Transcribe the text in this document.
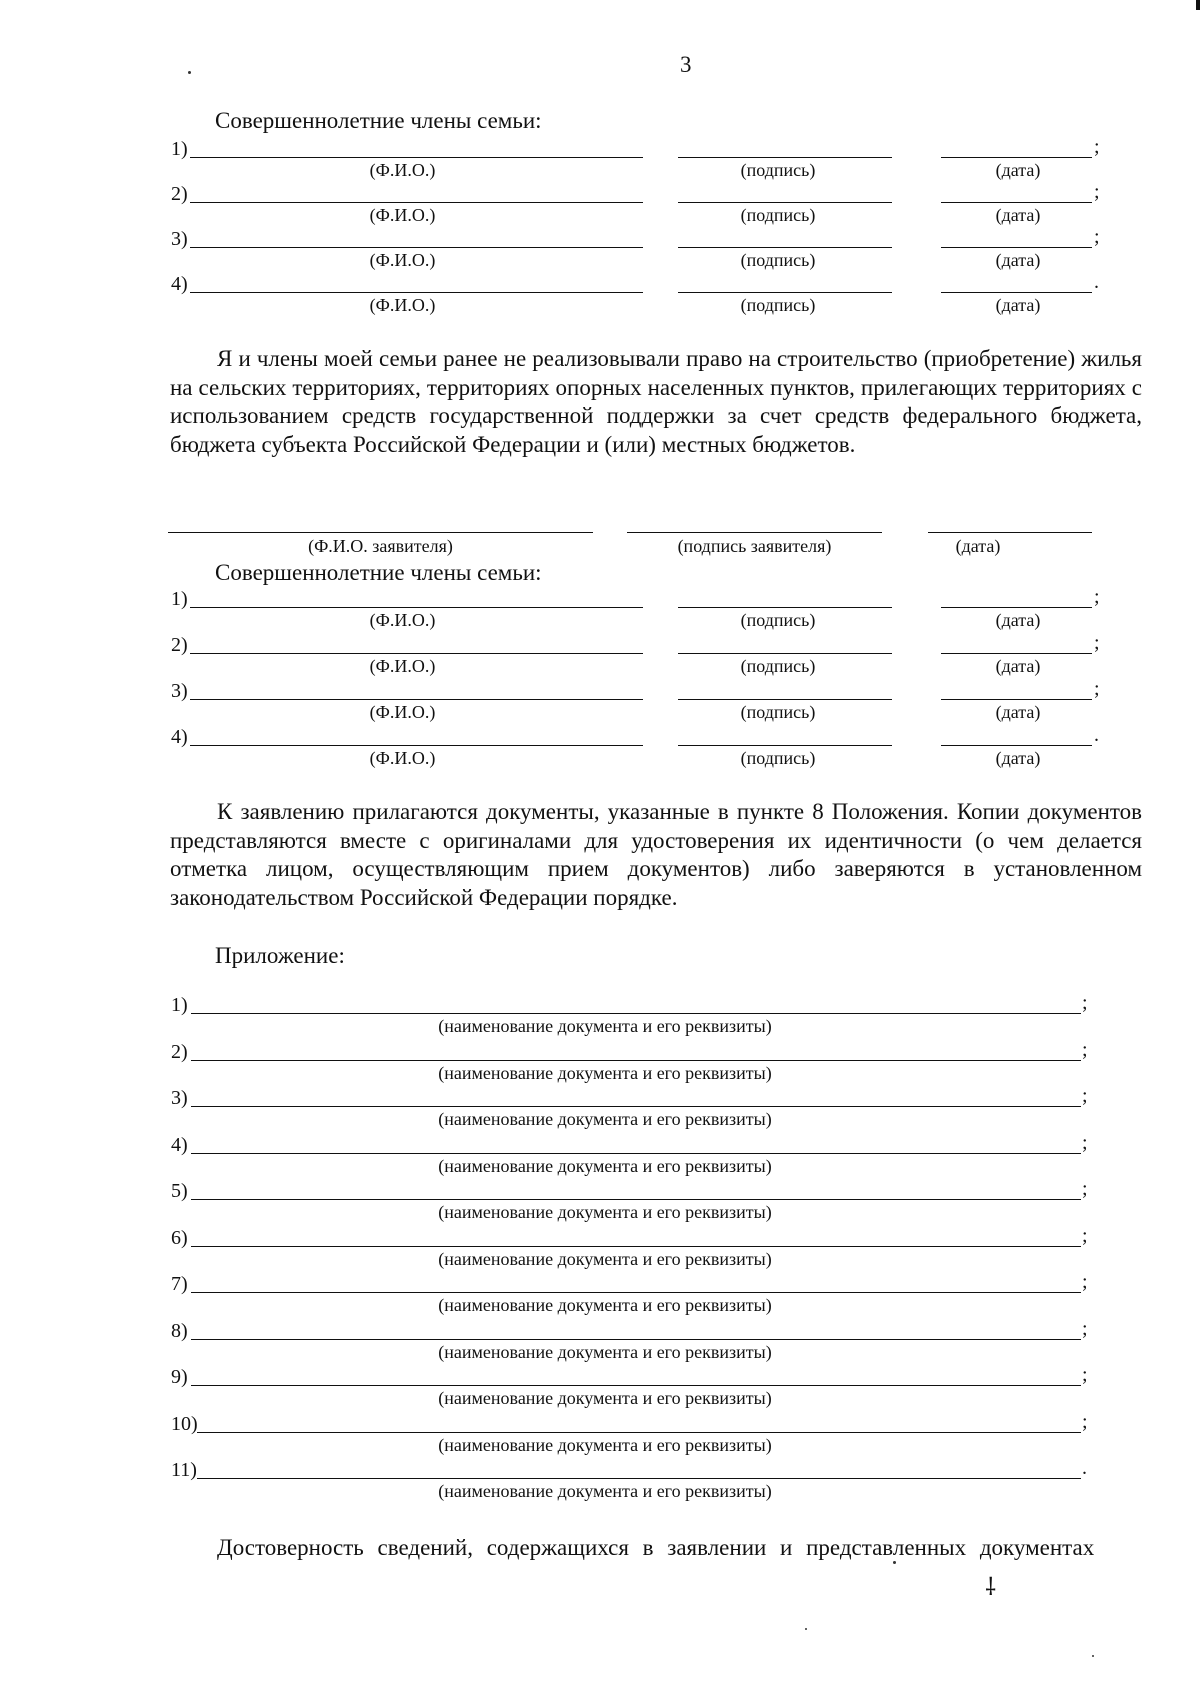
3
Совершеннолетние члены семьи:
1)	;
(Ф.И.О.)	(подпись)	(дата)
2)	;
(Ф.И.О.)	(подпись)	(дата)
3)	;
(Ф.И.О.)	(подпись)	(дата)
4)	.
(Ф.И.О.)	(подпись)	(дата)

Я и члены моей семьи ранее не реализовывали право на строительство (приобретение) жилья на сельских территориях, территориях опорных населенных пунктов, прилегающих территориях с использованием средств государственной поддержки за счет средств федерального бюджета, бюджета субъекта Российской Федерации и (или) местных бюджетов.

(Ф.И.О. заявителя)	(подпись заявителя)	(дата)
Совершеннолетние члены семьи:
1)	;
(Ф.И.О.)	(подпись)	(дата)
2)	;
(Ф.И.О.)	(подпись)	(дата)
3)	;
(Ф.И.О.)	(подпись)	(дата)
4)	.
(Ф.И.О.)	(подпись)	(дата)

К заявлению прилагаются документы, указанные в пункте 8 Положения. Копии документов представляются вместе с оригиналами для удостоверения их идентичности (о чем делается отметка лицом, осуществляющим прием документов) либо заверяются в установленном законодательством Российской Федерации порядке.

Приложение:
1)	;
(наименование документа и его реквизиты)
2)	;
(наименование документа и его реквизиты)
3)	;
(наименование документа и его реквизиты)
4)	;
(наименование документа и его реквизиты)
5)	;
(наименование документа и его реквизиты)
6)	;
(наименование документа и его реквизиты)
7)	;
(наименование документа и его реквизиты)
8)	;
(наименование документа и его реквизиты)
9)	;
(наименование документа и его реквизиты)
10)	;
(наименование документа и его реквизиты)
11)	.
(наименование документа и его реквизиты)

Достоверность сведений, содержащихся в заявлении и представленных документах

⸸
